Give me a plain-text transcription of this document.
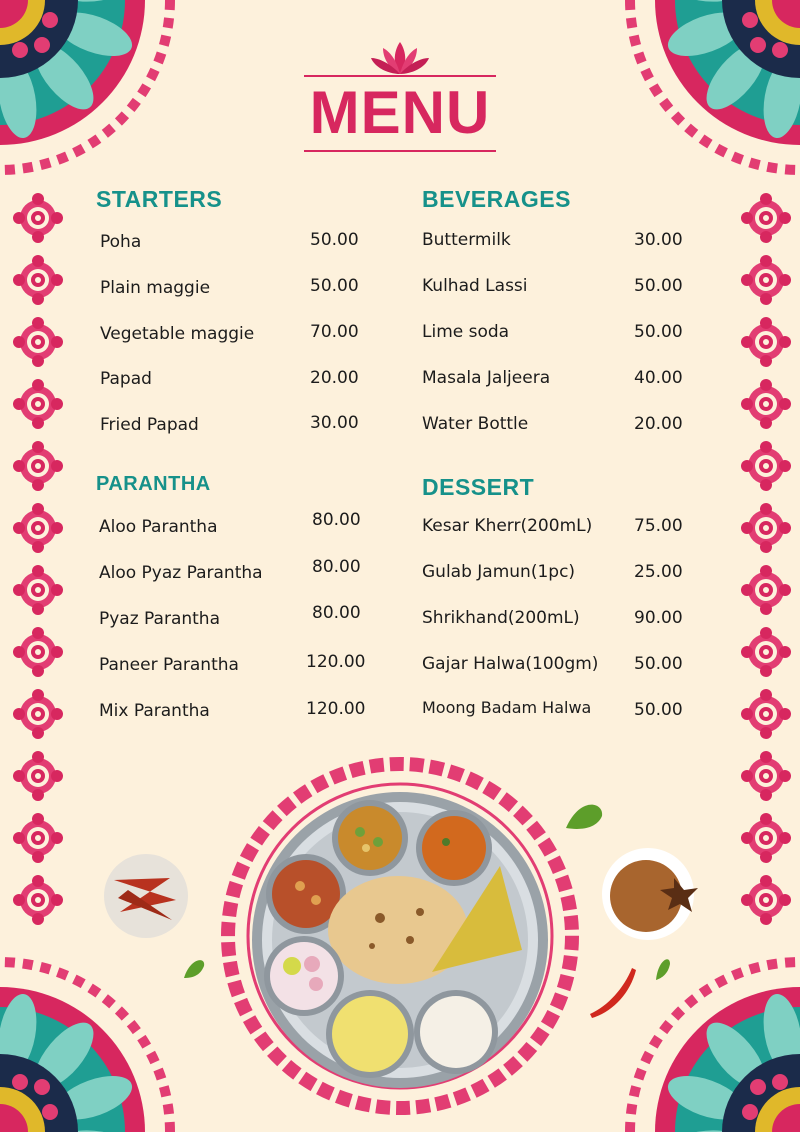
MENU
STARTERS
Poha	50.00
Plain maggie	50.00
Vegetable maggie	70.00
Papad	20.00
Fried Papad	30.00
BEVERAGES
Buttermilk	30.00
Kulhad Lassi	50.00
Lime soda	50.00
Masala Jaljeera	40.00
Water Bottle	20.00
PARANTHA
Aloo Parantha	80.00
Aloo Pyaz Parantha	80.00
Pyaz Parantha	80.00
Paneer Parantha	120.00
Mix Parantha	120.00
DESSERT
Kesar Kherr(200mL) 75.00
Gulab Jamun(1pc)	25.00
Shrikhand(200mL)	90.00
Gajar Halwa(100gm) 50.00
Moong Badam Halwa	50.00
